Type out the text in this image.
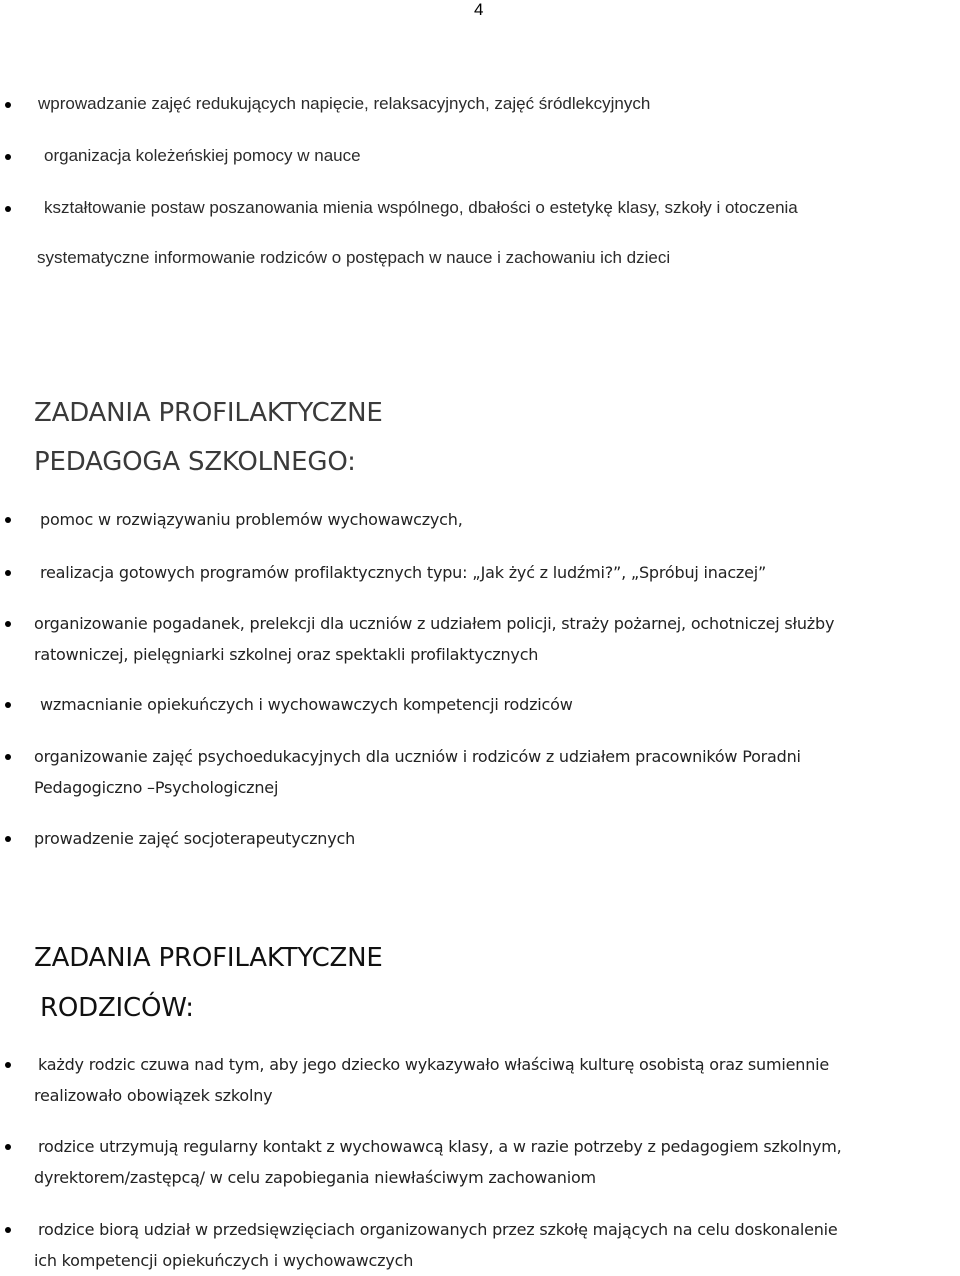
4
wprowadzanie zajęć redukujących napięcie, relaksacyjnych, zajęć śródlekcyjnych
organizacja koleżeńskiej pomocy w nauce
kształtowanie postaw poszanowania mienia wspólnego, dbałości o estetykę klasy, szkoły i otoczenia
systematyczne informowanie rodziców o postępach w nauce i zachowaniu ich dzieci
ZADANIA PROFILAKTYCZNE
PEDAGOGA SZKOLNEGO:
pomoc w rozwiązywaniu problemów wychowawczych,
realizacja gotowych programów profilaktycznych typu: „Jak żyć z ludźmi?”, „Spróbuj inaczej”
organizowanie pogadanek, prelekcji dla uczniów z udziałem policji, straży pożarnej, ochotniczej służby
ratowniczej, pielęgniarki szkolnej oraz spektakli profilaktycznych
wzmacnianie opiekuńczych i wychowawczych kompetencji rodziców
organizowanie zajęć psychoedukacyjnych dla uczniów i rodziców z udziałem pracowników Poradni
Pedagogiczno –Psychologicznej
prowadzenie zajęć socjoterapeutycznych
ZADANIA PROFILAKTYCZNE
RODZICÓW:
każdy rodzic czuwa nad tym, aby jego dziecko wykazywało właściwą kulturę osobistą oraz sumiennie
realizowało obowiązek szkolny
rodzice utrzymują regularny kontakt z wychowawcą klasy, a w razie potrzeby z pedagogiem szkolnym,
dyrektorem/zastępcą/ w celu zapobiegania niewłaściwym zachowaniom
rodzice biorą udział w przedsięwzięciach organizowanych przez szkołę mających na celu doskonalenie
ich kompetencji opiekuńczych i wychowawczych
